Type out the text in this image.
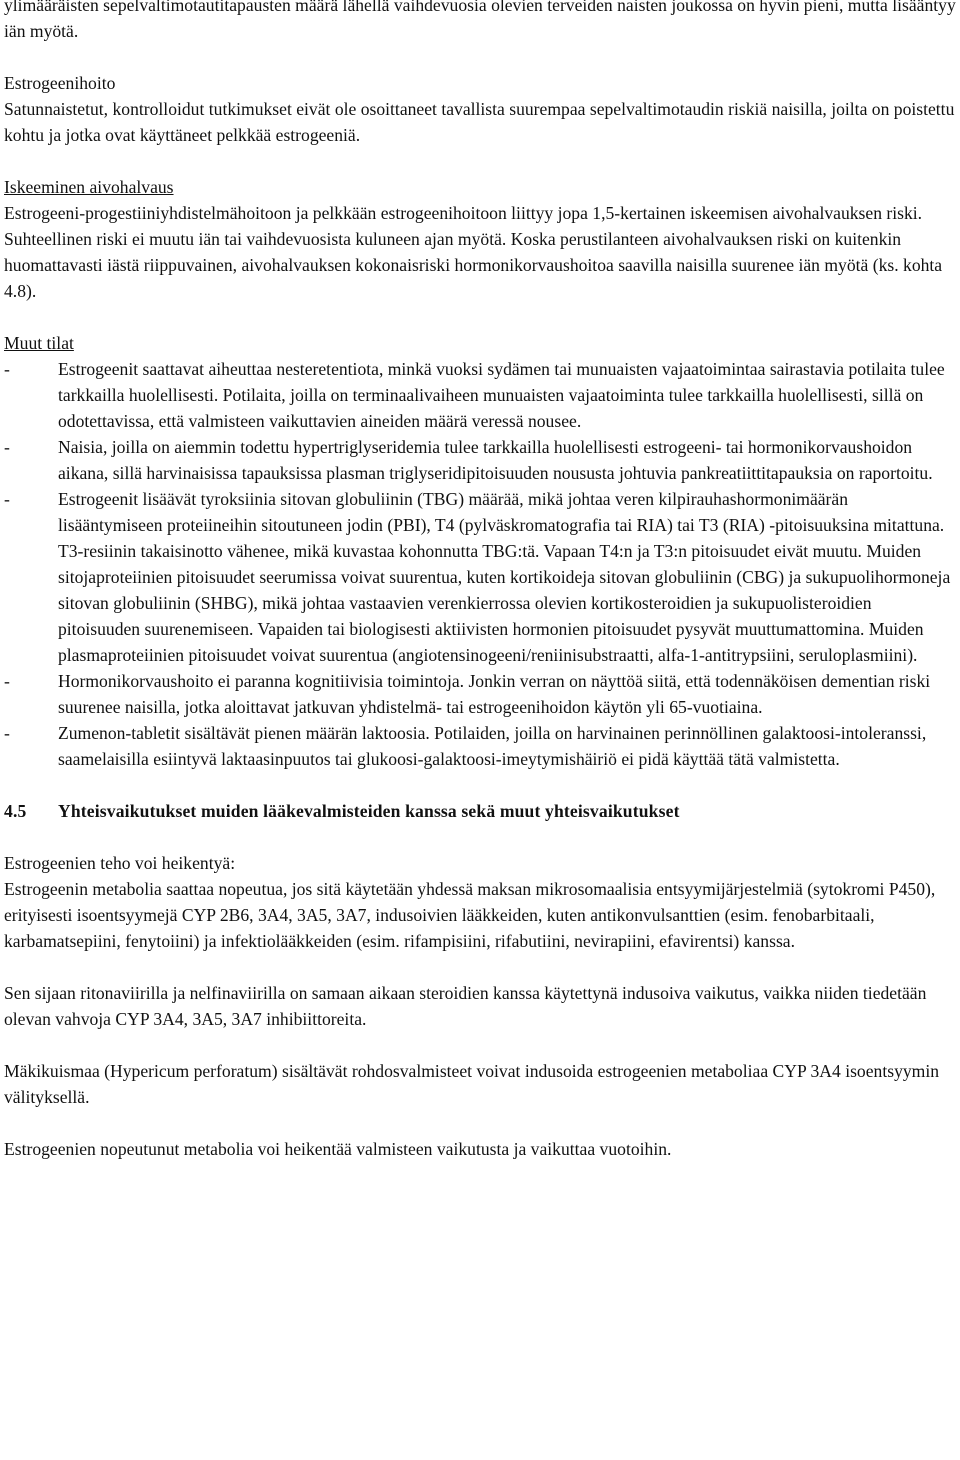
ylimääräisten sepelvaltimotautitapausten määrä lähellä vaihdevuosia olevien terveiden naisten joukossa on hyvin pieni, mutta lisääntyy iän myötä.

Estrogeenihoito

Satunnaistetut, kontrolloidut tutkimukset eivät ole osoittaneet tavallista suurempaa sepelvaltimotaudin riskiä naisilla, joilta on poistettu kohtu ja jotka ovat käyttäneet pelkkää estrogeeniä.

Iskeeminen aivohalvaus

Estrogeeni-progestiiniyhdistelmähoitoon ja pelkkään estrogeenihoitoon liittyy jopa 1,5-kertainen iskeemisen aivohalvauksen riski. Suhteellinen riski ei muutu iän tai vaihdevuosista kuluneen ajan myötä. Koska perustilanteen aivohalvauksen riski on kuitenkin huomattavasti iästä riippuvainen, aivohalvauksen kokonaisriski hormonikorvaushoitoa saavilla naisilla suurenee iän myötä (ks. kohta 4.8).

Muut tilat

-	Estrogeenit saattavat aiheuttaa nesteretentiota, minkä vuoksi sydämen tai munuaisten vajaatoimintaa sairastavia potilaita tulee tarkkailla huolellisesti. Potilaita, joilla on terminaalivaiheen munuaisten vajaatoiminta tulee tarkkailla huolellisesti, sillä on odotettavissa, että valmisteen vaikuttavien aineiden määrä veressä nousee.
-	Naisia, joilla on aiemmin todettu hypertriglyseridemia tulee tarkkailla huolellisesti estrogeeni- tai hormonikorvaushoidon aikana, sillä harvinaisissa tapauksissa plasman triglyseridipitoisuuden noususta johtuvia pankreatiittitapauksia on raportoitu.
-	Estrogeenit lisäävät tyroksiinia sitovan globuliinin (TBG) määrää, mikä johtaa veren kilpirauhashormonimäärän lisääntymiseen proteiineihin sitoutuneen jodin (PBI), T4 (pylväskromatografia tai RIA) tai T3 (RIA) -pitoisuuksina mitattuna. T3-resiinin takaisinotto vähenee, mikä kuvastaa kohonnutta TBG:tä. Vapaan T4:n ja T3:n pitoisuudet eivät muutu. Muiden sitojaproteiinien pitoisuudet seerumissa voivat suurentua, kuten kortikoideja sitovan globuliinin (CBG) ja sukupuolihormoneja sitovan globuliinin (SHBG), mikä johtaa vastaavien verenkierrossa olevien kortikosteroidien ja sukupuolisteroidien pitoisuuden suurenemiseen. Vapaiden tai biologisesti aktiivisten hormonien pitoisuudet pysyvät muuttumattomina. Muiden plasmaproteiinien pitoisuudet voivat suurentua (angiotensinogeeni/reniinisubstraatti, alfa-1-antitrypsiini, seruloplasmiini).
-	Hormonikorvaushoito ei paranna kognitiivisia toimintoja. Jonkin verran on näyttöä siitä, että todennäköisen dementian riski suurenee naisilla, jotka aloittavat jatkuvan yhdistelmä- tai estrogeenihoidon käytön yli 65-vuotiaina.
-	Zumenon-tabletit sisältävät pienen määrän laktoosia. Potilaiden, joilla on harvinainen perinnöllinen galaktoosi-intoleranssi, saamelaisilla esiintyvä laktaasinpuutos tai glukoosi-galaktoosi-imeytymishäiriö ei pidä käyttää tätä valmistetta.
4.5	Yhteisvaikutukset muiden lääkevalmisteiden kanssa sekä muut yhteisvaikutukset

Estrogeenien teho voi heikentyä:

Estrogeenin metabolia saattaa nopeutua, jos sitä käytetään yhdessä maksan mikrosomaalisia entsyymijärjestelmiä (sytokromi P450), erityisesti isoentsyymejä CYP 2B6, 3A4, 3A5, 3A7, indusoivien lääkkeiden, kuten antikonvulsanttien (esim. fenobarbitaali, karbamatsepiini, fenytoiini) ja infektiolääkkeiden (esim. rifampisiini, rifabutiini, nevirapiini, efavirentsi) kanssa.

Sen sijaan ritonaviirilla ja nelfinaviirilla on samaan aikaan steroidien kanssa käytettynä indusoiva vaikutus, vaikka niiden tiedetään olevan vahvoja CYP 3A4, 3A5, 3A7 inhibiittoreita.

Mäkikuismaa (Hypericum perforatum) sisältävät rohdosvalmisteet voivat indusoida estrogeenien metaboliaa CYP 3A4 isoentsyymin välityksellä.

Estrogeenien nopeutunut metabolia voi heikentää valmisteen vaikutusta ja vaikuttaa vuotoihin.
